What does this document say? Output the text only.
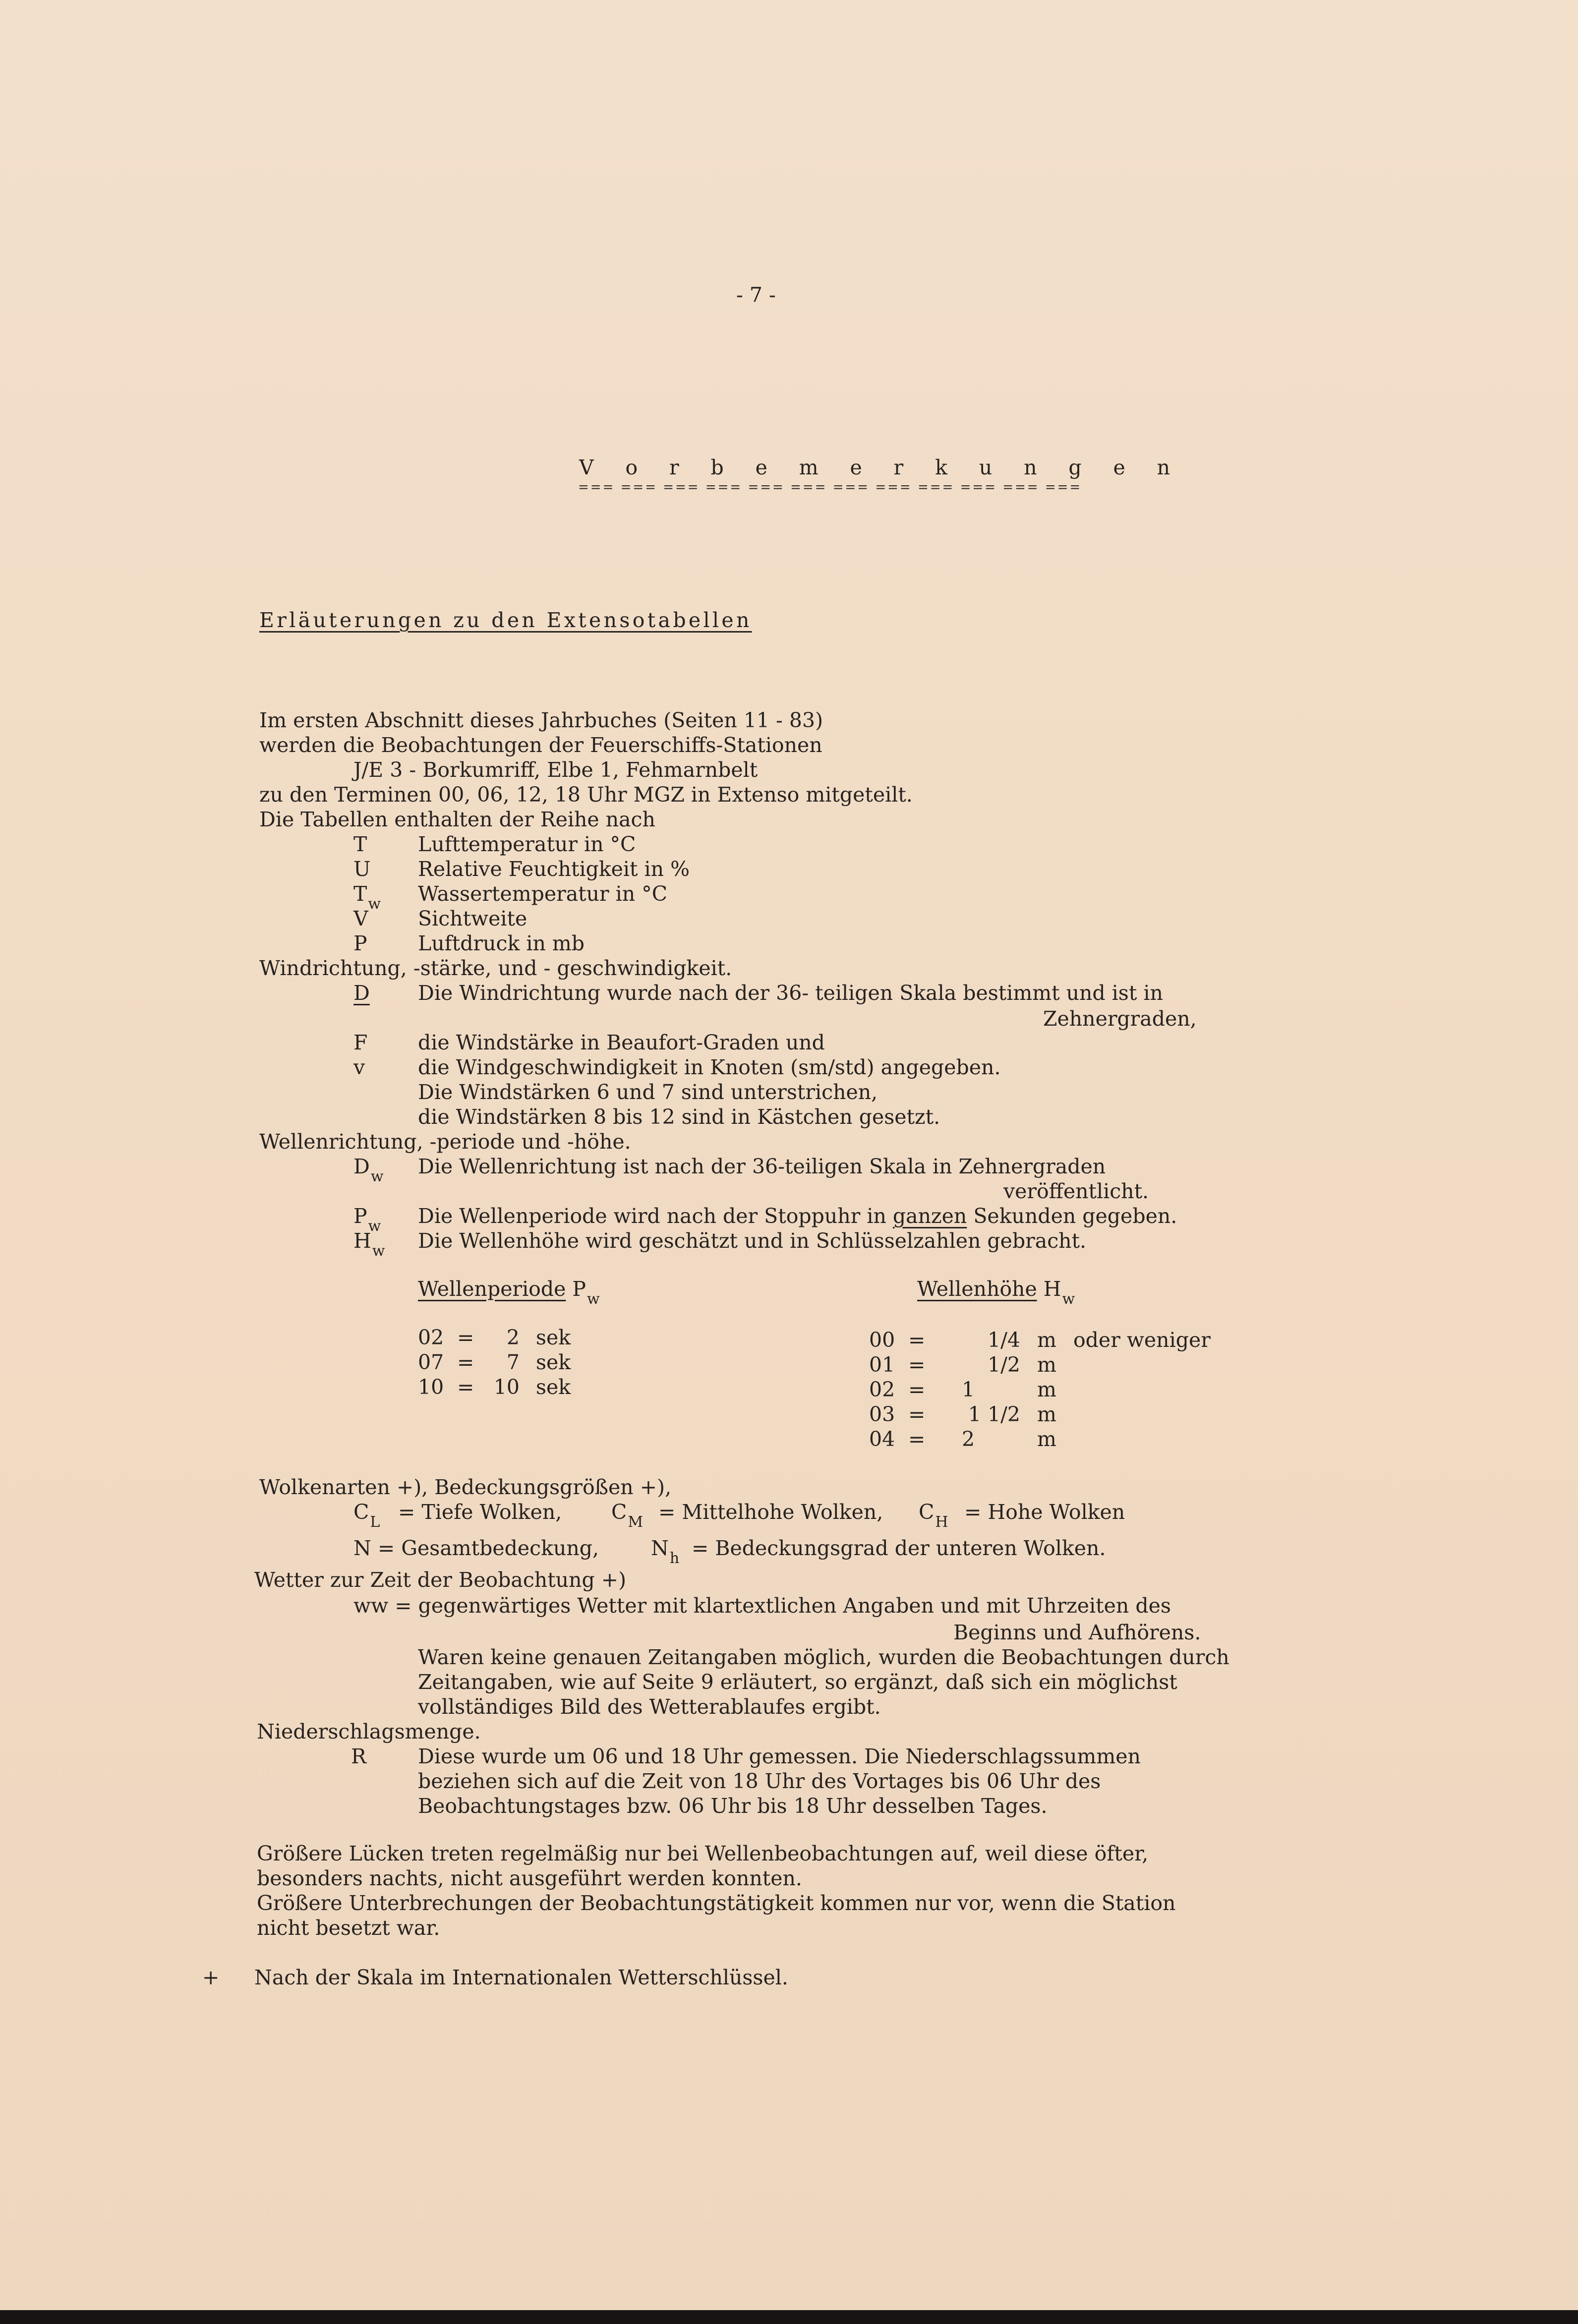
- 7 -
V o r b e m e r k u n g e n
=== === === === === === === === === === === ===
Erläuterungen zu den Extensotabellen
Im ersten Abschnitt dieses Jahrbuches (Seiten 11 - 83)
werden die Beobachtungen der Feuerschiffs-Stationen
J/E 3 - Borkumriff, Elbe 1, Fehmarnbelt
zu den Terminen 00, 06, 12, 18 Uhr MGZ in Extenso mitgeteilt.
Die Tabellen enthalten der Reihe nach
T	Lufttemperatur in °C
U Relative Feuchtigkeit in %
$T_w$ Wassertemperatur in °C
V Sichtweite
P Luftdruck in mb
Windrichtung, -stärke, und - geschwindigkeit.
D Die Windrichtung wurde nach der 36- teiligen Skala bestimmt und ist in
Zehnergraden,
F die Windstärke in Beaufort-Graden und
v	die Windgeschwindigkeit in Knoten (sm/std) angegeben.
Die Windstärken 6 und 7 sind unterstrichen,
die Windstärken 8 bis 12 sind in Kästchen gesetzt.
Wellenrichtung, -periode und -höhe.
$D_w$ Die Wellenrichtung ist nach der 36-teiligen Skala in Zehnergraden
veröffentlicht.
$P_w$ Die Wellenperiode wird nach der Stoppuhr in ganzen Sekunden gegeben.
$H_w$ Die Wellenhöhe wird geschätzt und in Schlüsselzahlen gebracht.
Wellenperiode $P_w$
02 =	2 sek
07 =	7 sek
10 = 10 sek
Wellenhöhe $H_w$
00 =	1/4 m oder weniger
01 =	1/2 m
02 = 1	m
03 =	1 1/2 m
04 = 2	m
Wolkenarten +), Bedeckungsgrößen +),
$C_L$ = Tiefe Wolken, $C_M$ = Mittelhohe Wolken, $C_H$ = Hohe Wolken
N = Gesamtbedeckung,	$N_h$ = Bedeckungsgrad der unteren Wolken.
Wetter zur Zeit der Beobachtung +)
ww = gegenwärtiges Wetter mit klartextlichen Angaben und mit Uhrzeiten des
Beginns und Aufhörens.
Waren keine genauen Zeitangaben möglich, wurden die Beobachtungen durch
Zeitangaben, wie auf Seite 9 erläutert, so ergänzt, daß sich ein möglichst
vollständiges Bild des Wetterablaufes ergibt.
Niederschlagsmenge.
R	Diese wurde um 06 und 18 Uhr gemessen. Die Niederschlagssummen
beziehen sich auf die Zeit von 18 Uhr des Vortages bis 06 Uhr des
Beobachtungstages bzw. 06 Uhr bis 18 Uhr desselben Tages.
Größere Lücken treten regelmäßig nur bei Wellenbeobachtungen auf, weil diese öfter,
besonders nachts, nicht ausgeführt werden konnten.
Größere Unterbrechungen der Beobachtungstätigkeit kommen nur vor, wenn die Station
nicht besetzt war.
+ Nach der Skala im Internationalen Wetterschlüssel.
